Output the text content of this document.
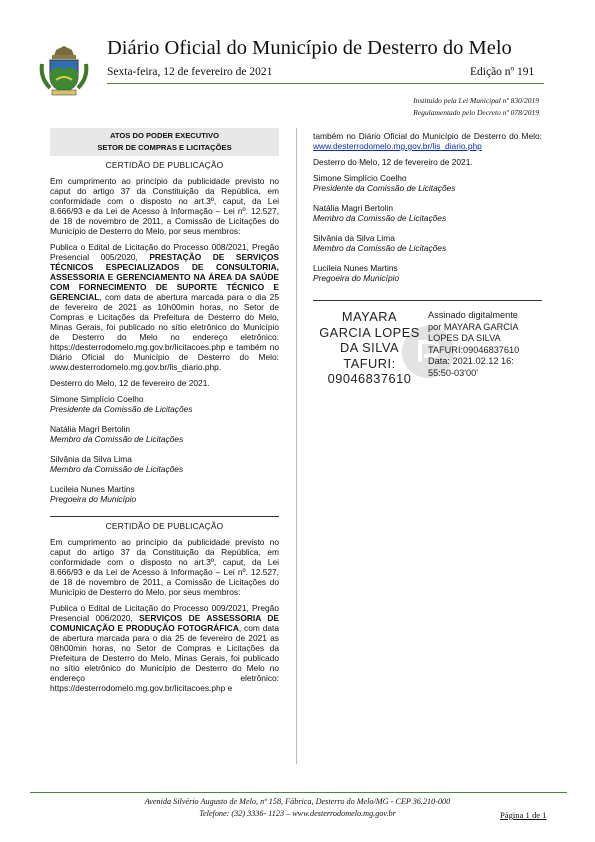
Diário Oficial do Município de Desterro do Melo
Sexta-feira, 12 de fevereiro de 2021	Edição nº 191
Instituído pela Lei Municipal nº 830/2019
Regulamentado pelo Decreto nº 078/2019
ATOS DO PODER EXECUTIVO
SETOR DE COMPRAS E LICITAÇÕES
CERTIDÃO DE PUBLICAÇÃO

Em cumprimento ao princípio da publicidade previsto no caput do artigo 37 da Constituição da República, em conformidade com o disposto no art.3º, caput, da Lei 8.666/93 e da Lei de Acesso à Informação – Lei nº. 12.527, de 18 de novembro de 2011, a Comissão de Licitações do Município de Desterro do Melo, por seus membros:

Publica o Edital de Licitação do Processo 008/2021, Pregão Presencial 005/2020, PRESTAÇÃO DE SERVIÇOS TÉCNICOS ESPECIALIZADOS DE CONSULTORIA, ASSESSORIA E GERENCIAMENTO NA ÁREA DA SAÚDE COM FORNECIMENTO DE SUPORTE TÉCNICO E GERENCIAL, com data de abertura marcada para o dia 25 de fevereiro de 2021 as 10h00min horas, no Setor de Compras e Licitações da Prefeitura de Desterro do Melo, Minas Gerais, foi publicado no sítio eletrônico do Município de Desterro do Melo no endereço eletrônico: https://desterrodomelo.mg.gov.br/licitacoes.php e também no Diário Oficial do Município de Desterro do Melo: www.desterrodomelo.mg.gov.br/lis_diario.php.

Desterro do Melo, 12 de fevereiro de 2021.

Simone Simplício Coelho
Presidente da Comissão de Licitações
Natália Magri Bertolin
Membro da Comissão de Licitações
Silvânia da Silva Lima
Membro da Comissão de Licitações
Lucileia Nunes Martins
Pregoeira do Município
CERTIDÃO DE PUBLICAÇÃO

Em cumprimento ao princípio da publicidade previsto no caput do artigo 37 da Constituição da República, em conformidade com o disposto no art.3º, caput, da Lei 8.666/93 e da Lei de Acesso à Informação – Lei nº. 12.527, de 18 de novembro de 2011, a Comissão de Licitações do Município de Desterro do Melo, por seus membros:

Publica o Edital de Licitação do Processo 009/2021, Pregão Presencial 006/2020, SERVIÇOS DE ASSESSORIA DE COMUNICAÇÃO E PRODUÇÃO FOTOGRÁFICA, com data de abertura marcada para o dia 25 de fevereiro de 2021 as 08h00min horas, no Setor de Compras e Licitações da Prefeitura de Desterro do Melo, Minas Gerais, foi publicado no sítio eletrônico do Município de Desterro do Melo no endereço eletrônico: https://desterrodomelo.mg.gov.br/licitacoes.php e

também no Diário Oficial do Município de Desterro do Melo: www.desterrodomelo.mg.gov.br/lis_diario.php

Desterro do Melo, 12 de fevereiro de 2021.

Simone Simplício Coelho
Presidente da Comissão de Licitações
Natália Magri Bertolin
Membro da Comissão de Licitações
Silvânia da Silva Lima
Membro da Comissão de Licitações
Lucileia Nunes Martins
Pregoeira do Município
MAYARA
GARCIA LOPES
DA SILVA
TAFURI:
09046837610
Assinado digitalmente
por MAYARA GARCIA
LOPES DA SILVA
TAFURI:09046837610
Data: 2021.02.12 16:
55:50-03'00'
Avenida Silvério Augusto de Melo, nº 158, Fábrica, Desterro do Melo/MG - CEP 36.210-000
Telefone: (32) 3336- 1123 – www.desterrodomelo.mg.gov.br	Página 1 de 1
